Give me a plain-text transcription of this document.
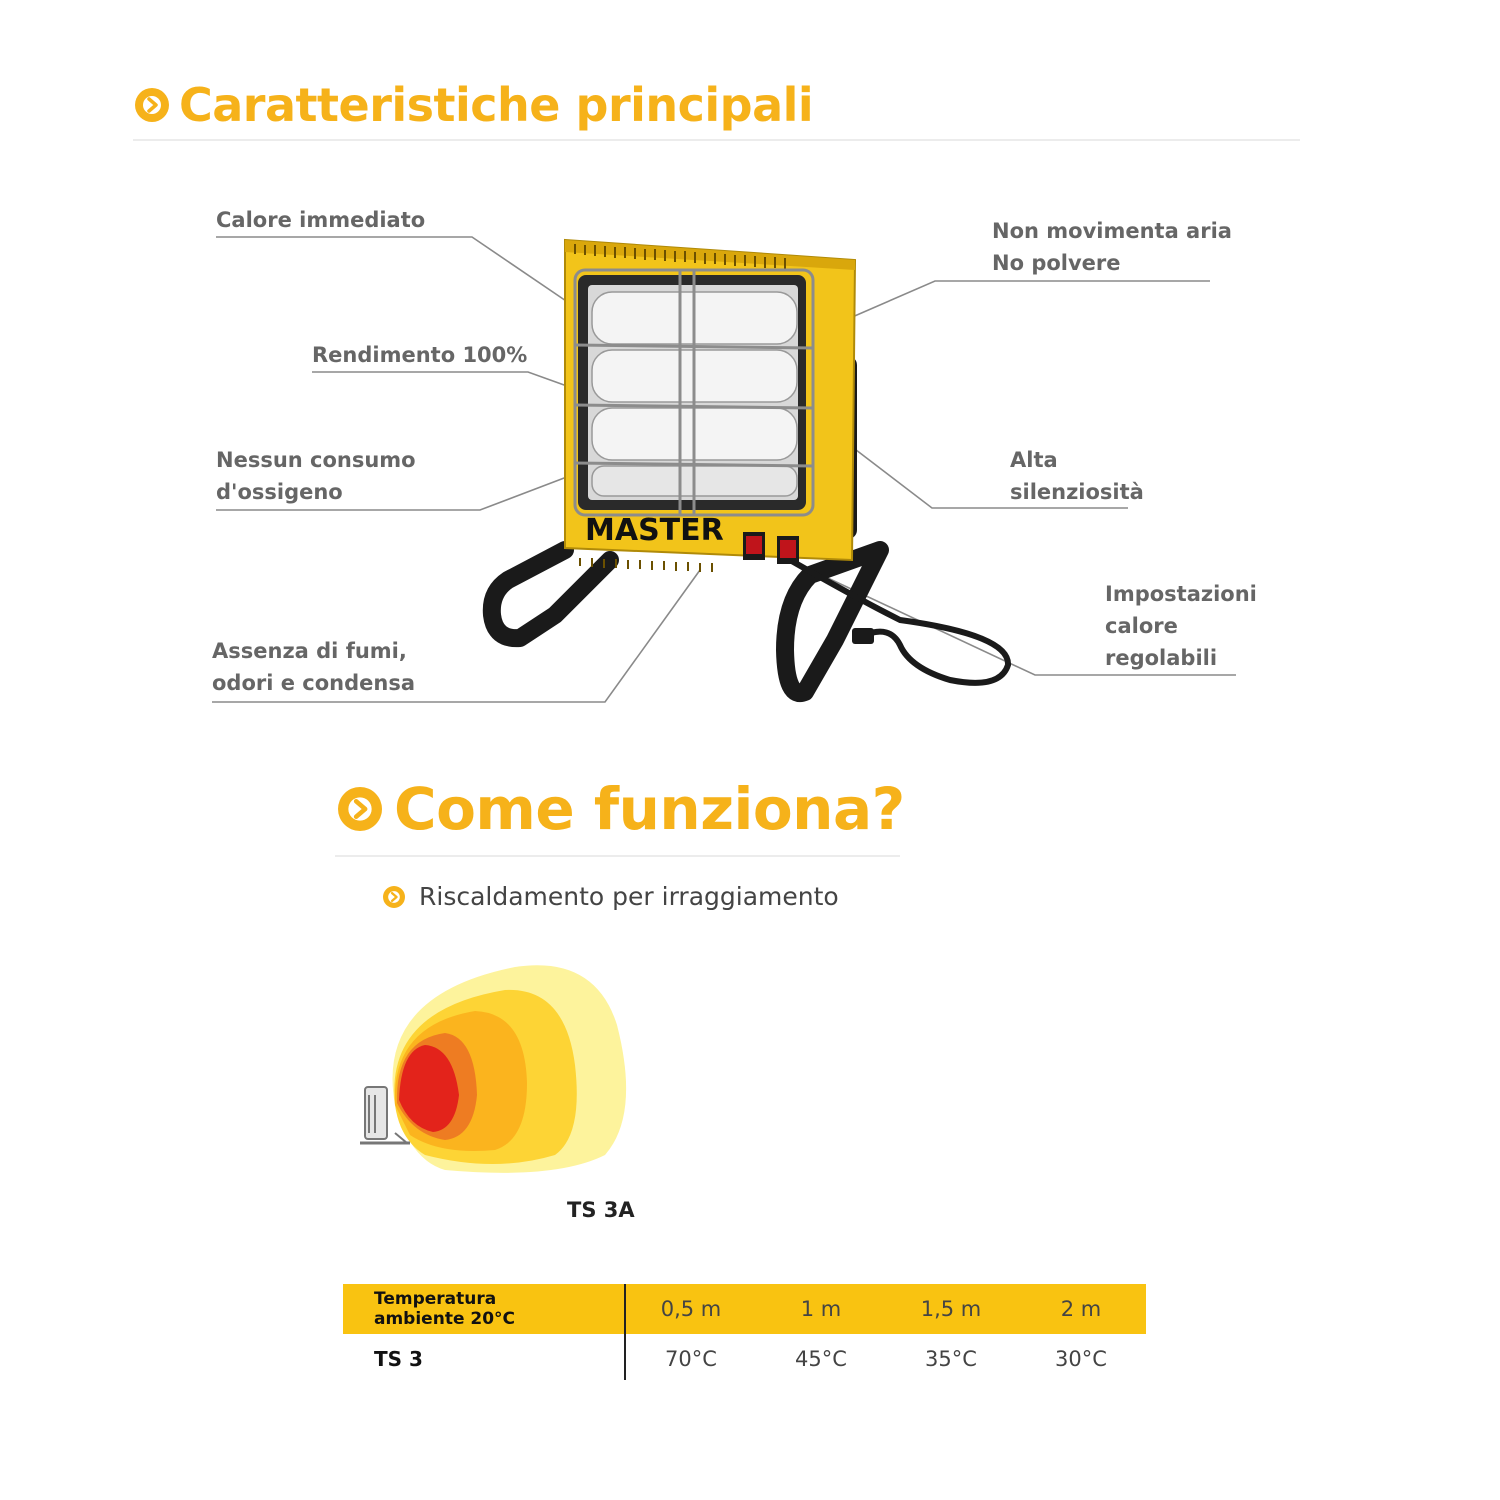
Caratteristiche principali
Calore immediato
Rendimento 100%
Nessun consumo
d'ossigeno
Assenza di fumi,
odori e condensa
Non movimenta aria
No polvere
Alta
silenziosità
Impostazioni
calore
regolabili
MASTER
Come funziona?
Riscaldamento per irraggiamento
TS 3A
Temperatura
ambiente 20°C	0,5 m	1 m	1,5 m	2 m
TS 3	70°C	45°C	35°C	30°C
